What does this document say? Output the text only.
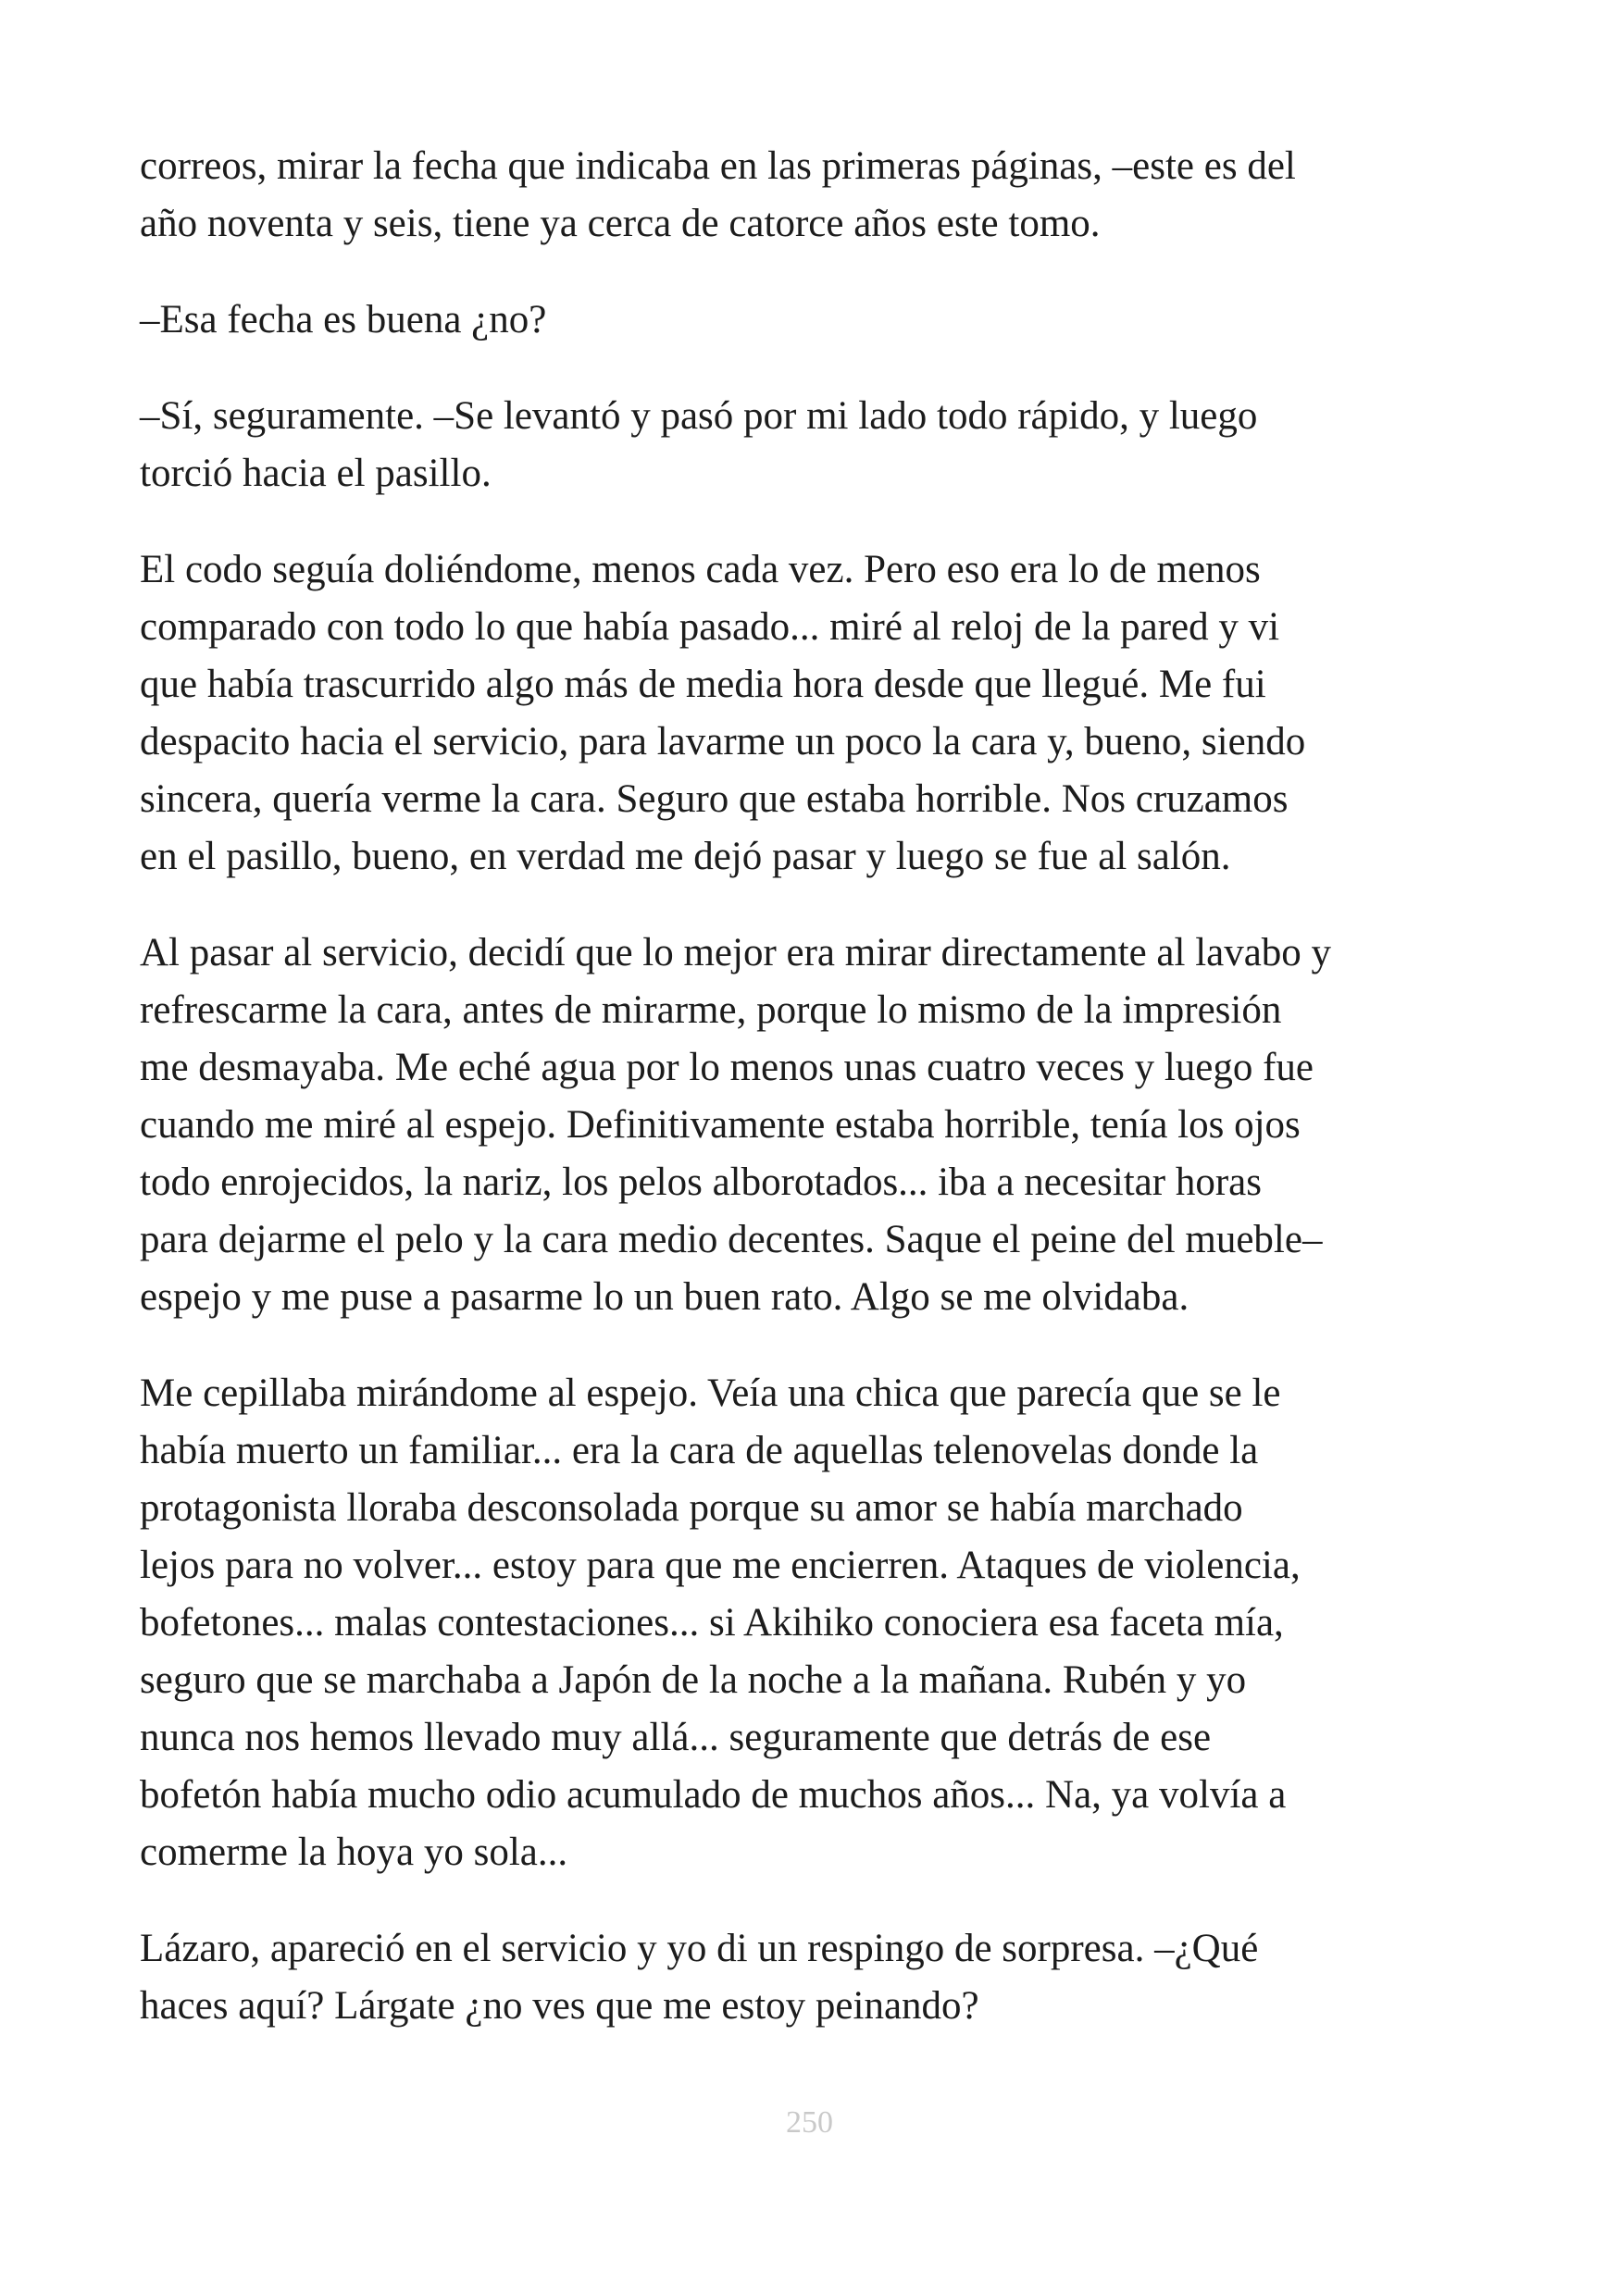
correos, mirar la fecha que indicaba en las primeras páginas, –este es del
año noventa y seis, tiene ya cerca de catorce años este tomo.
–Esa fecha es buena ¿no?
–Sí, seguramente. –Se levantó y pasó por mi lado todo rápido, y luego
torció hacia el pasillo.
El codo seguía doliéndome, menos cada vez. Pero eso era lo de menos
comparado con todo lo que había pasado... miré al reloj de la pared y vi
que había trascurrido algo más de media hora desde que llegué. Me fui
despacito hacia el servicio, para lavarme un poco la cara y, bueno, siendo
sincera, quería verme la cara. Seguro que estaba horrible. Nos cruzamos
en el pasillo, bueno, en verdad me dejó pasar y luego se fue al salón.
Al pasar al servicio, decidí que lo mejor era mirar directamente al lavabo y
refrescarme la cara, antes de mirarme, porque lo mismo de la impresión
me desmayaba. Me eché agua por lo menos unas cuatro veces y luego fue
cuando me miré al espejo. Definitivamente estaba horrible, tenía los ojos
todo enrojecidos, la nariz, los pelos alborotados... iba a necesitar horas
para dejarme el pelo y la cara medio decentes. Saque el peine del mueble–
espejo y me puse a pasarme lo un buen rato. Algo se me olvidaba.
Me cepillaba mirándome al espejo. Veía una chica que parecía que se le
había muerto un familiar... era la cara de aquellas telenovelas donde la
protagonista lloraba desconsolada porque su amor se había marchado
lejos para no volver... estoy para que me encierren. Ataques de violencia,
bofetones... malas contestaciones... si Akihiko conociera esa faceta mía,
seguro que se marchaba a Japón de la noche a la mañana. Rubén y yo
nunca nos hemos llevado muy allá... seguramente que detrás de ese
bofetón había mucho odio acumulado de muchos años... Na, ya volvía a
comerme la hoya yo sola...
Lázaro, apareció en el servicio y yo di un respingo de sorpresa. –¿Qué
haces aquí? Lárgate ¿no ves que me estoy peinando?
250
